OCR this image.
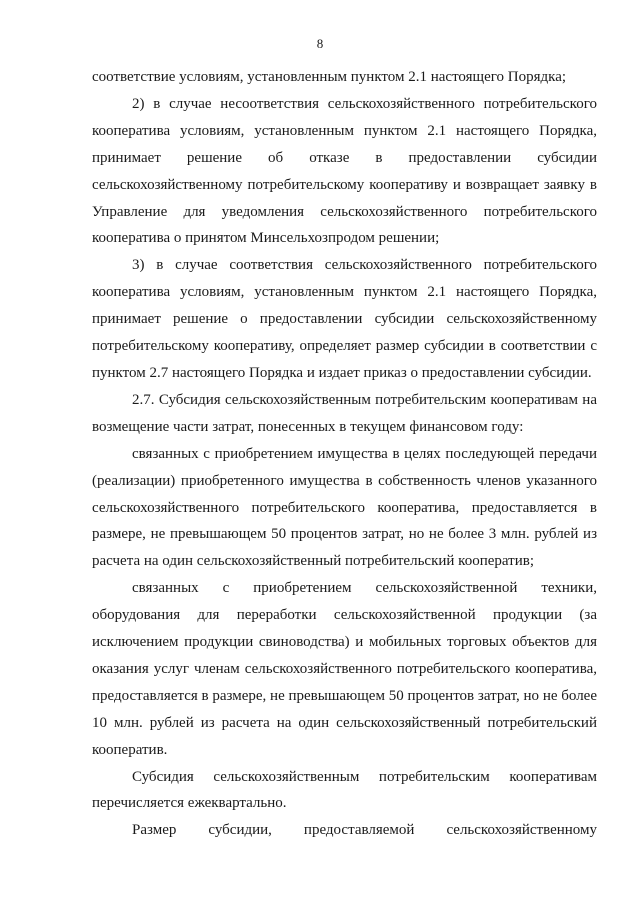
8

соответствие условиям, установленным пунктом 2.1 настоящего Порядка;

2) в случае несоответствия сельскохозяйственного потребительского кооператива условиям, установленным пунктом 2.1 настоящего Порядка, принимает решение об отказе в предоставлении субсидии сельскохозяйственному потребительскому кооперативу и возвращает заявку в Управление для уведомления сельскохозяйственного потребительского кооператива о принятом Минсельхозпродом решении;

3) в случае соответствия сельскохозяйственного потребительского кооператива условиям, установленным пунктом 2.1 настоящего Порядка, принимает решение о предоставлении субсидии сельскохозяйственному потребительскому кооперативу, определяет размер субсидии в соответствии с пунктом 2.7 настоящего Порядка и издает приказ о предоставлении субсидии.

2.7. Субсидия сельскохозяйственным потребительским кооперативам на возмещение части затрат, понесенных в текущем финансовом году:

связанных с приобретением имущества в целях последующей передачи (реализации) приобретенного имущества в собственность членов указанного сельскохозяйственного потребительского кооператива, предоставляется в размере, не превышающем 50 процентов затрат, но не более 3 млн. рублей из расчета на один сельскохозяйственный потребительский кооператив;

связанных с приобретением сельскохозяйственной техники, оборудования для переработки сельскохозяйственной продукции (за исключением продукции свиноводства) и мобильных торговых объектов для оказания услуг членам сельскохозяйственного потребительского кооператива, предоставляется в размере, не превышающем 50 процентов затрат, но не более 10 млн. рублей из расчета на один сельскохозяйственный потребительский кооператив.

Субсидия сельскохозяйственным потребительским кооперативам перечисляется ежеквартально.

Размер субсидии, предоставляемой сельскохозяйственному
